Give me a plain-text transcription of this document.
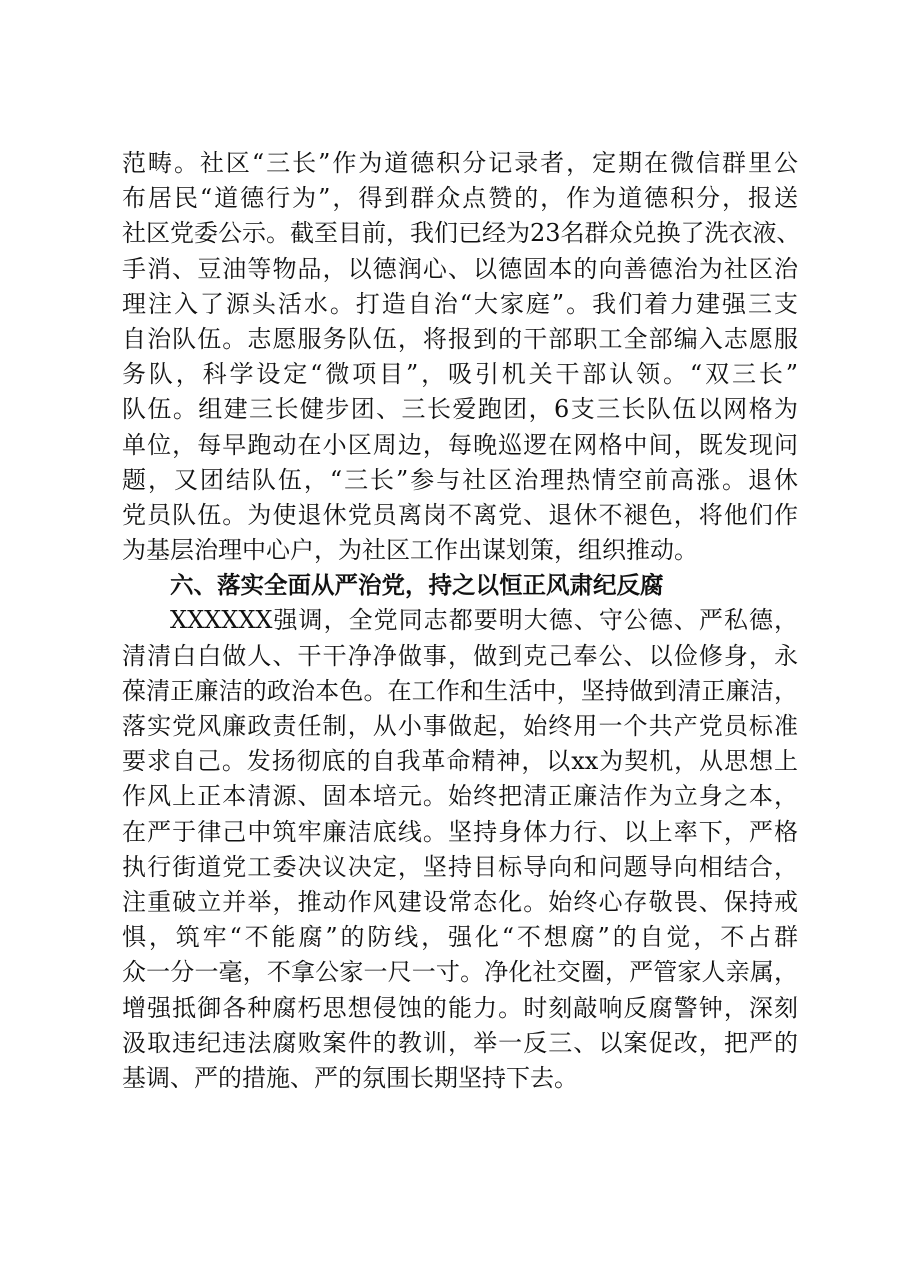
范畴。社区“三长”作为道德积分记录者，定期在微信群里公
布居民“道德行为”，得到群众点赞的，作为道德积分，报送
社区党委公示。截至目前，我们已经为23名群众兑换了洗衣液、
手消、豆油等物品，以德润心、以德固本的向善德治为社区治
理注入了源头活水。打造自治“大家庭”。我们着力建强三支
自治队伍。志愿服务队伍，将报到的干部职工全部编入志愿服
务队，科学设定“微项目”，吸引机关干部认领。“双三长”
队伍。组建三长健步团、三长爱跑团，6支三长队伍以网格为
单位，每早跑动在小区周边，每晚巡逻在网格中间，既发现问
题，又团结队伍，“三长”参与社区治理热情空前高涨。退休
党员队伍。为使退休党员离岗不离党、退休不褪色，将他们作
为基层治理中心户，为社区工作出谋划策，组织推动。
六、落实全面从严治党，持之以恒正风肃纪反腐
XXXXXX强调，全党同志都要明大德、守公德、严私德，
清清白白做人、干干净净做事，做到克己奉公、以俭修身，永
葆清正廉洁的政治本色。在工作和生活中，坚持做到清正廉洁，
落实党风廉政责任制，从小事做起，始终用一个共产党员标准
要求自己。发扬彻底的自我革命精神，以xx为契机，从思想上
作风上正本清源、固本培元。始终把清正廉洁作为立身之本，
在严于律己中筑牢廉洁底线。坚持身体力行、以上率下，严格
执行街道党工委决议决定，坚持目标导向和问题导向相结合，
注重破立并举，推动作风建设常态化。始终心存敬畏、保持戒
惧，筑牢“不能腐”的防线，强化“不想腐”的自觉，不占群
众一分一毫，不拿公家一尺一寸。净化社交圈，严管家人亲属，
增强抵御各种腐朽思想侵蚀的能力。时刻敲响反腐警钟，深刻
汲取违纪违法腐败案件的教训，举一反三、以案促改，把严的
基调、严的措施、严的氛围长期坚持下去。
